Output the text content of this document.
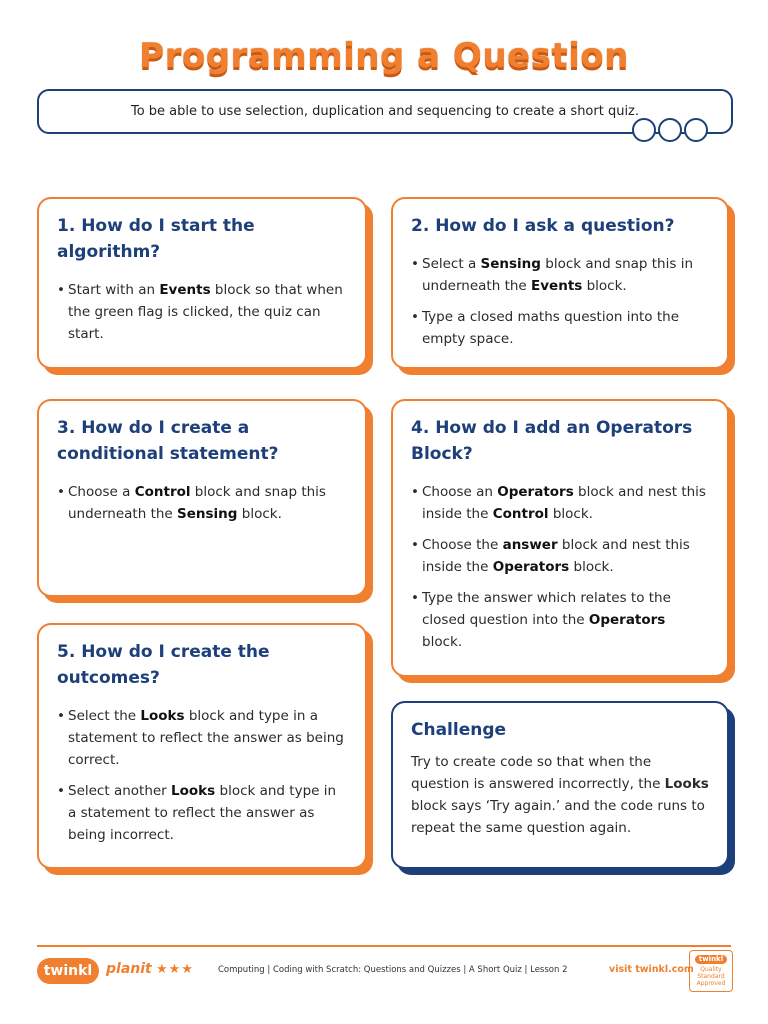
Programming a Question
To be able to use selection, duplication and sequencing to create a short quiz.
1. How do I start the algorithm?
• Start with an Events block so that when the green flag is clicked, the quiz can start.
2. How do I ask a question?
• Select a Sensing block and snap this in underneath the Events block.
• Type a closed maths question into the empty space.
3. How do I create a conditional statement?
• Choose a Control block and snap this underneath the Sensing block.
4. How do I add an Operators Block?
• Choose an Operators block and nest this inside the Control block.
• Choose the answer block and nest this inside the Operators block.
• Type the answer which relates to the closed question into the Operators block.
5. How do I create the outcomes?
• Select the Looks block and type in a statement to reflect the answer as being correct.
• Select another Looks block and type in a statement to reflect the answer as being incorrect.
Challenge

Try to create code so that when the question is answered incorrectly, the Looks block says ‘Try again.’ and the code runs to repeat the same question again.

twinkl planit ★★★	Computing | Coding with Scratch: Questions and Quizzes | A Short Quiz | Lesson 2	visit twinkl.com
twinkl
Quality Standard Approved
